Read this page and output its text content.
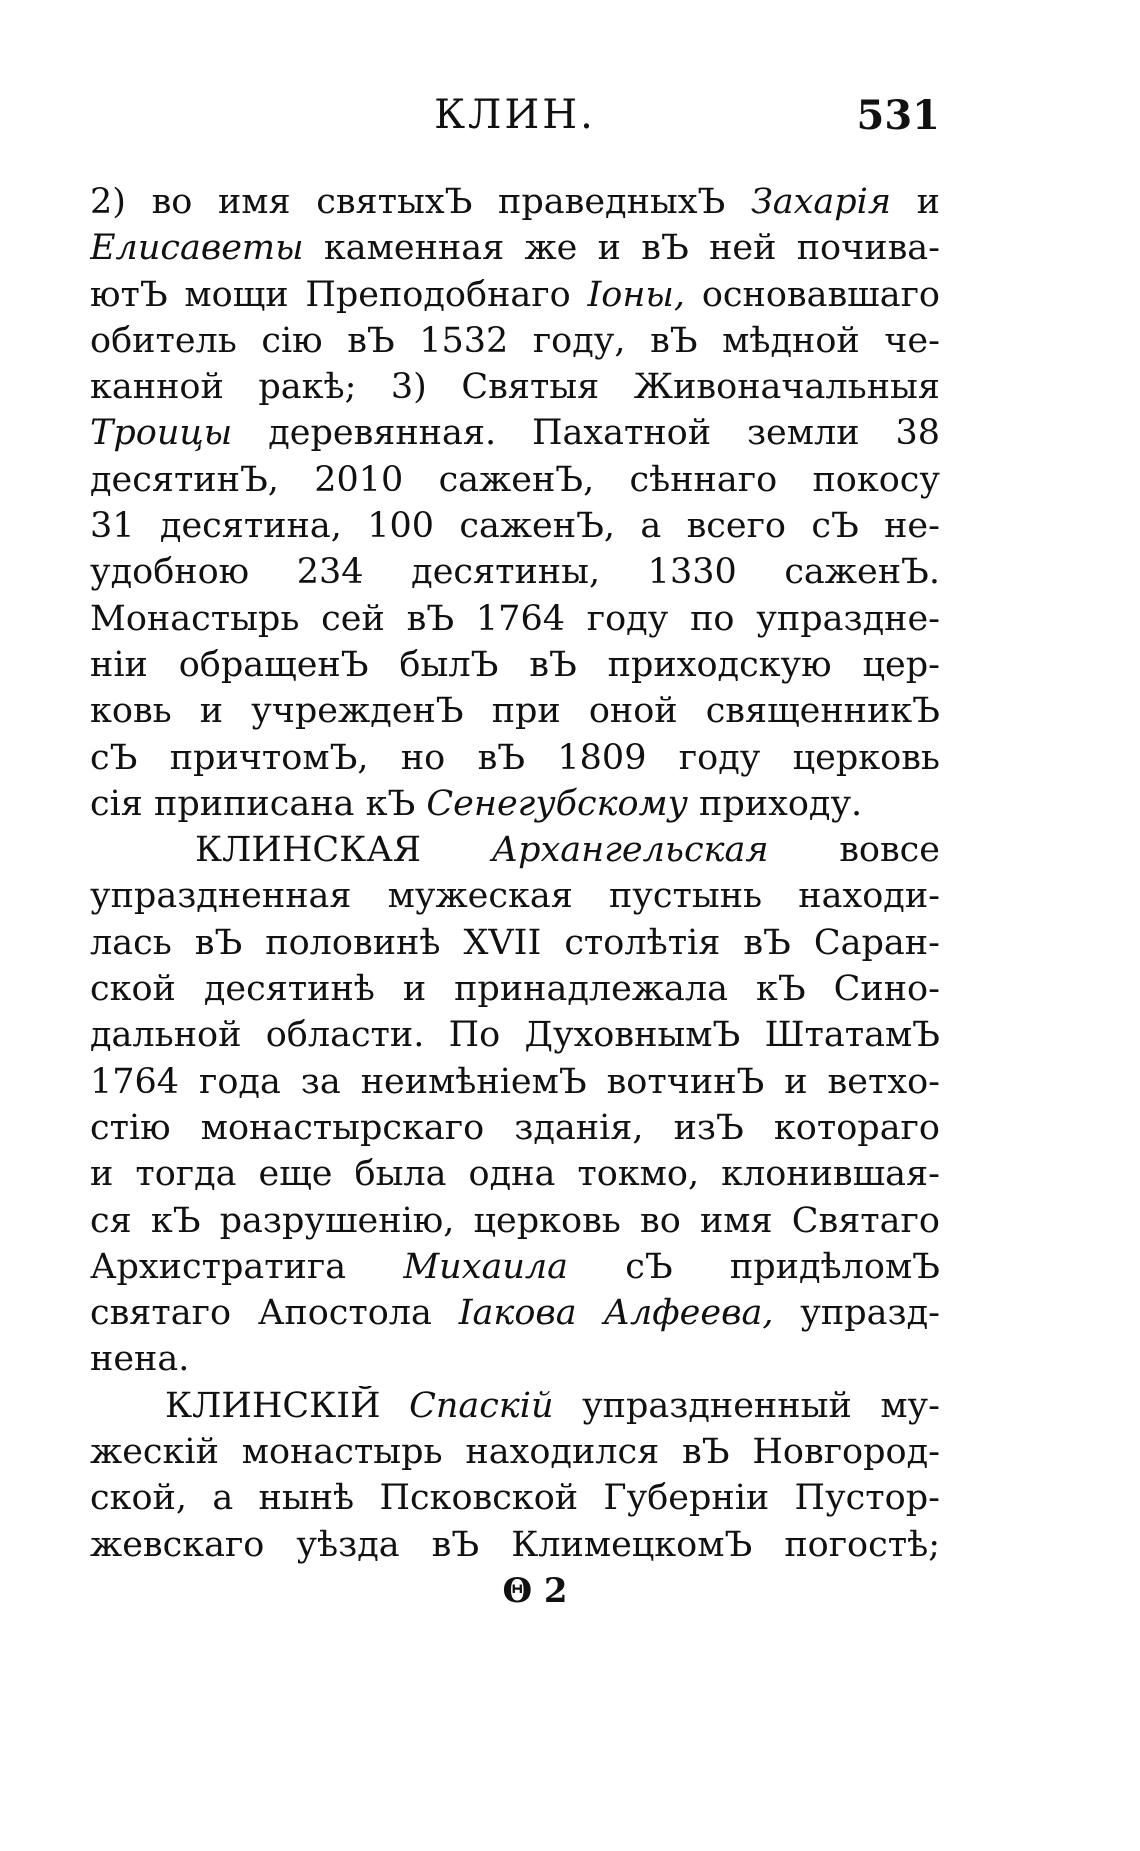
КЛИН.	531
2) во имя святыхЪ праведныхЪ Захарія и
Елисаветы каменная же и вЪ ней почива-
ютЪ мощи Преподобнаго Іоны, основавшаго
обитель сію вЪ 1532 году, вЪ мѣдной че-
канной ракѣ; 3) Святыя Живоначальныя
Троицы деревянная. Пахатной земли 38
десятинЪ, 2010 саженЪ, сѣннаго покосу
31 десятина, 100 саженЪ, а всего сЪ не-
удобною 234 десятины, 1330 саженЪ.
Монастырь сей вЪ 1764 году по упраздне-
ніи обращенЪ былЪ вЪ приходскую цер-
ковь и учрежденЪ при оной священникЪ
сЪ причтомЪ, но вЪ 1809 году церковь
сія
приписана
кЪ
Сенегубскому
приходу.
КЛИНСКАЯ Архангельская вовсе
упраздненная мужеская пустынь находи-
лась вЪ половинѣ XVII столѣтія вЪ Саран-
ской десятинѣ и принадлежала кЪ Сино-
дальной области. По ДуховнымЪ ШтатамЪ
1764 года за неимѣніемЪ вотчинЪ и ветхо-
стію монастырскаго зданія, изЪ котораго
и тогда еще была одна токмо, клонившая-
ся кЪ разрушенію, церковь во имя Святаго
Архистратига Михаила сЪ придѣломЪ
святаго Апостола Іакова Алфеева, упразд-
нена.
КЛИНСКІЙ Спаскій упраздненный му-
жескій монастырь находился вЪ Новгород-
ской, а нынѣ Псковской Губерніи Пустор-
жевскаго уѣзда вЪ КлимецкомЪ погостѣ;
Θ 2
